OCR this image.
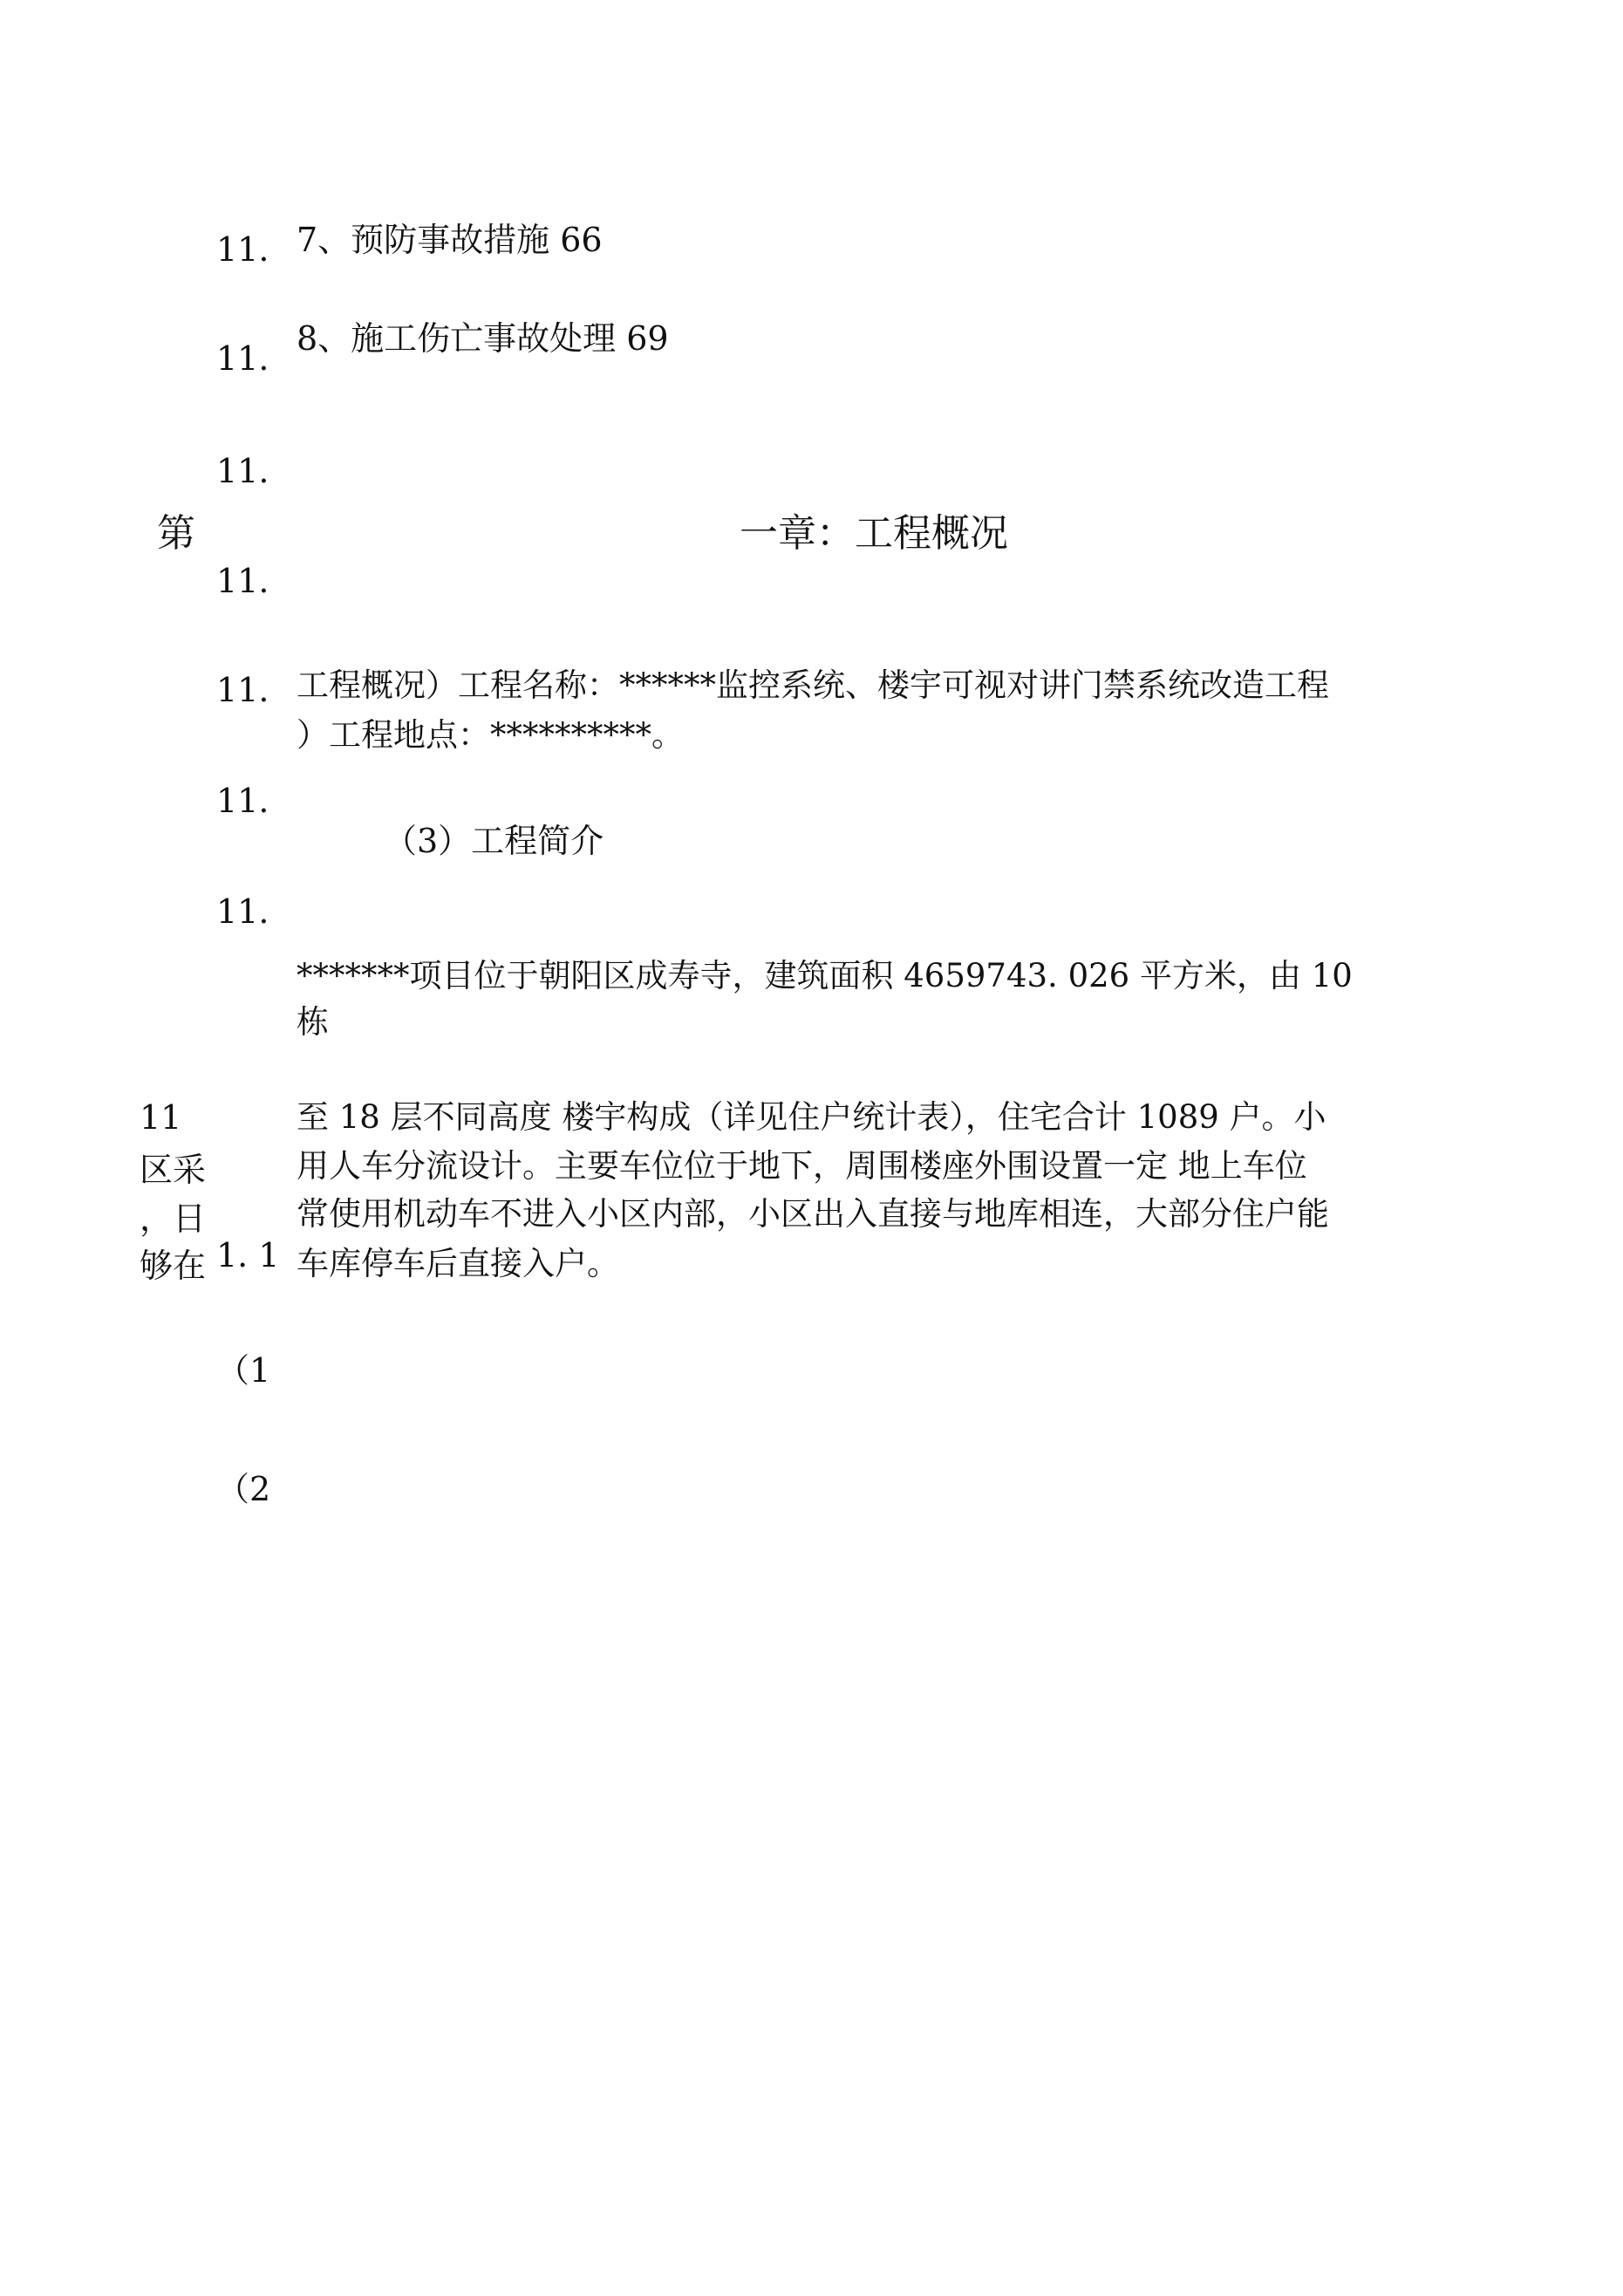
11.
11.
11.
11.
11.
11.
11.
11
区采
，日
够在 1. 1
（1
（2
7、预防事故措施 66
8、施工伤亡事故处理 69
第	一章：工程概况
工程概况）工程名称：******监控系统、楼宇可视对讲门禁系统改造工程
）工程地点：**********。
（3）工程简介
*******项目位于朝阳区成寿寺，建筑面积 4659743. 026 平方米，由 10
栋
至 18 层不同高度 楼宇构成（详见住户统计表），住宅合计 1089 户。小
用人车分流设计。主要车位位于地下，周围楼座外围设置一定 地上车位
常使用机动车不进入小区内部，小区出入直接与地库相连，大部分住户能
车库停车后直接入户。
